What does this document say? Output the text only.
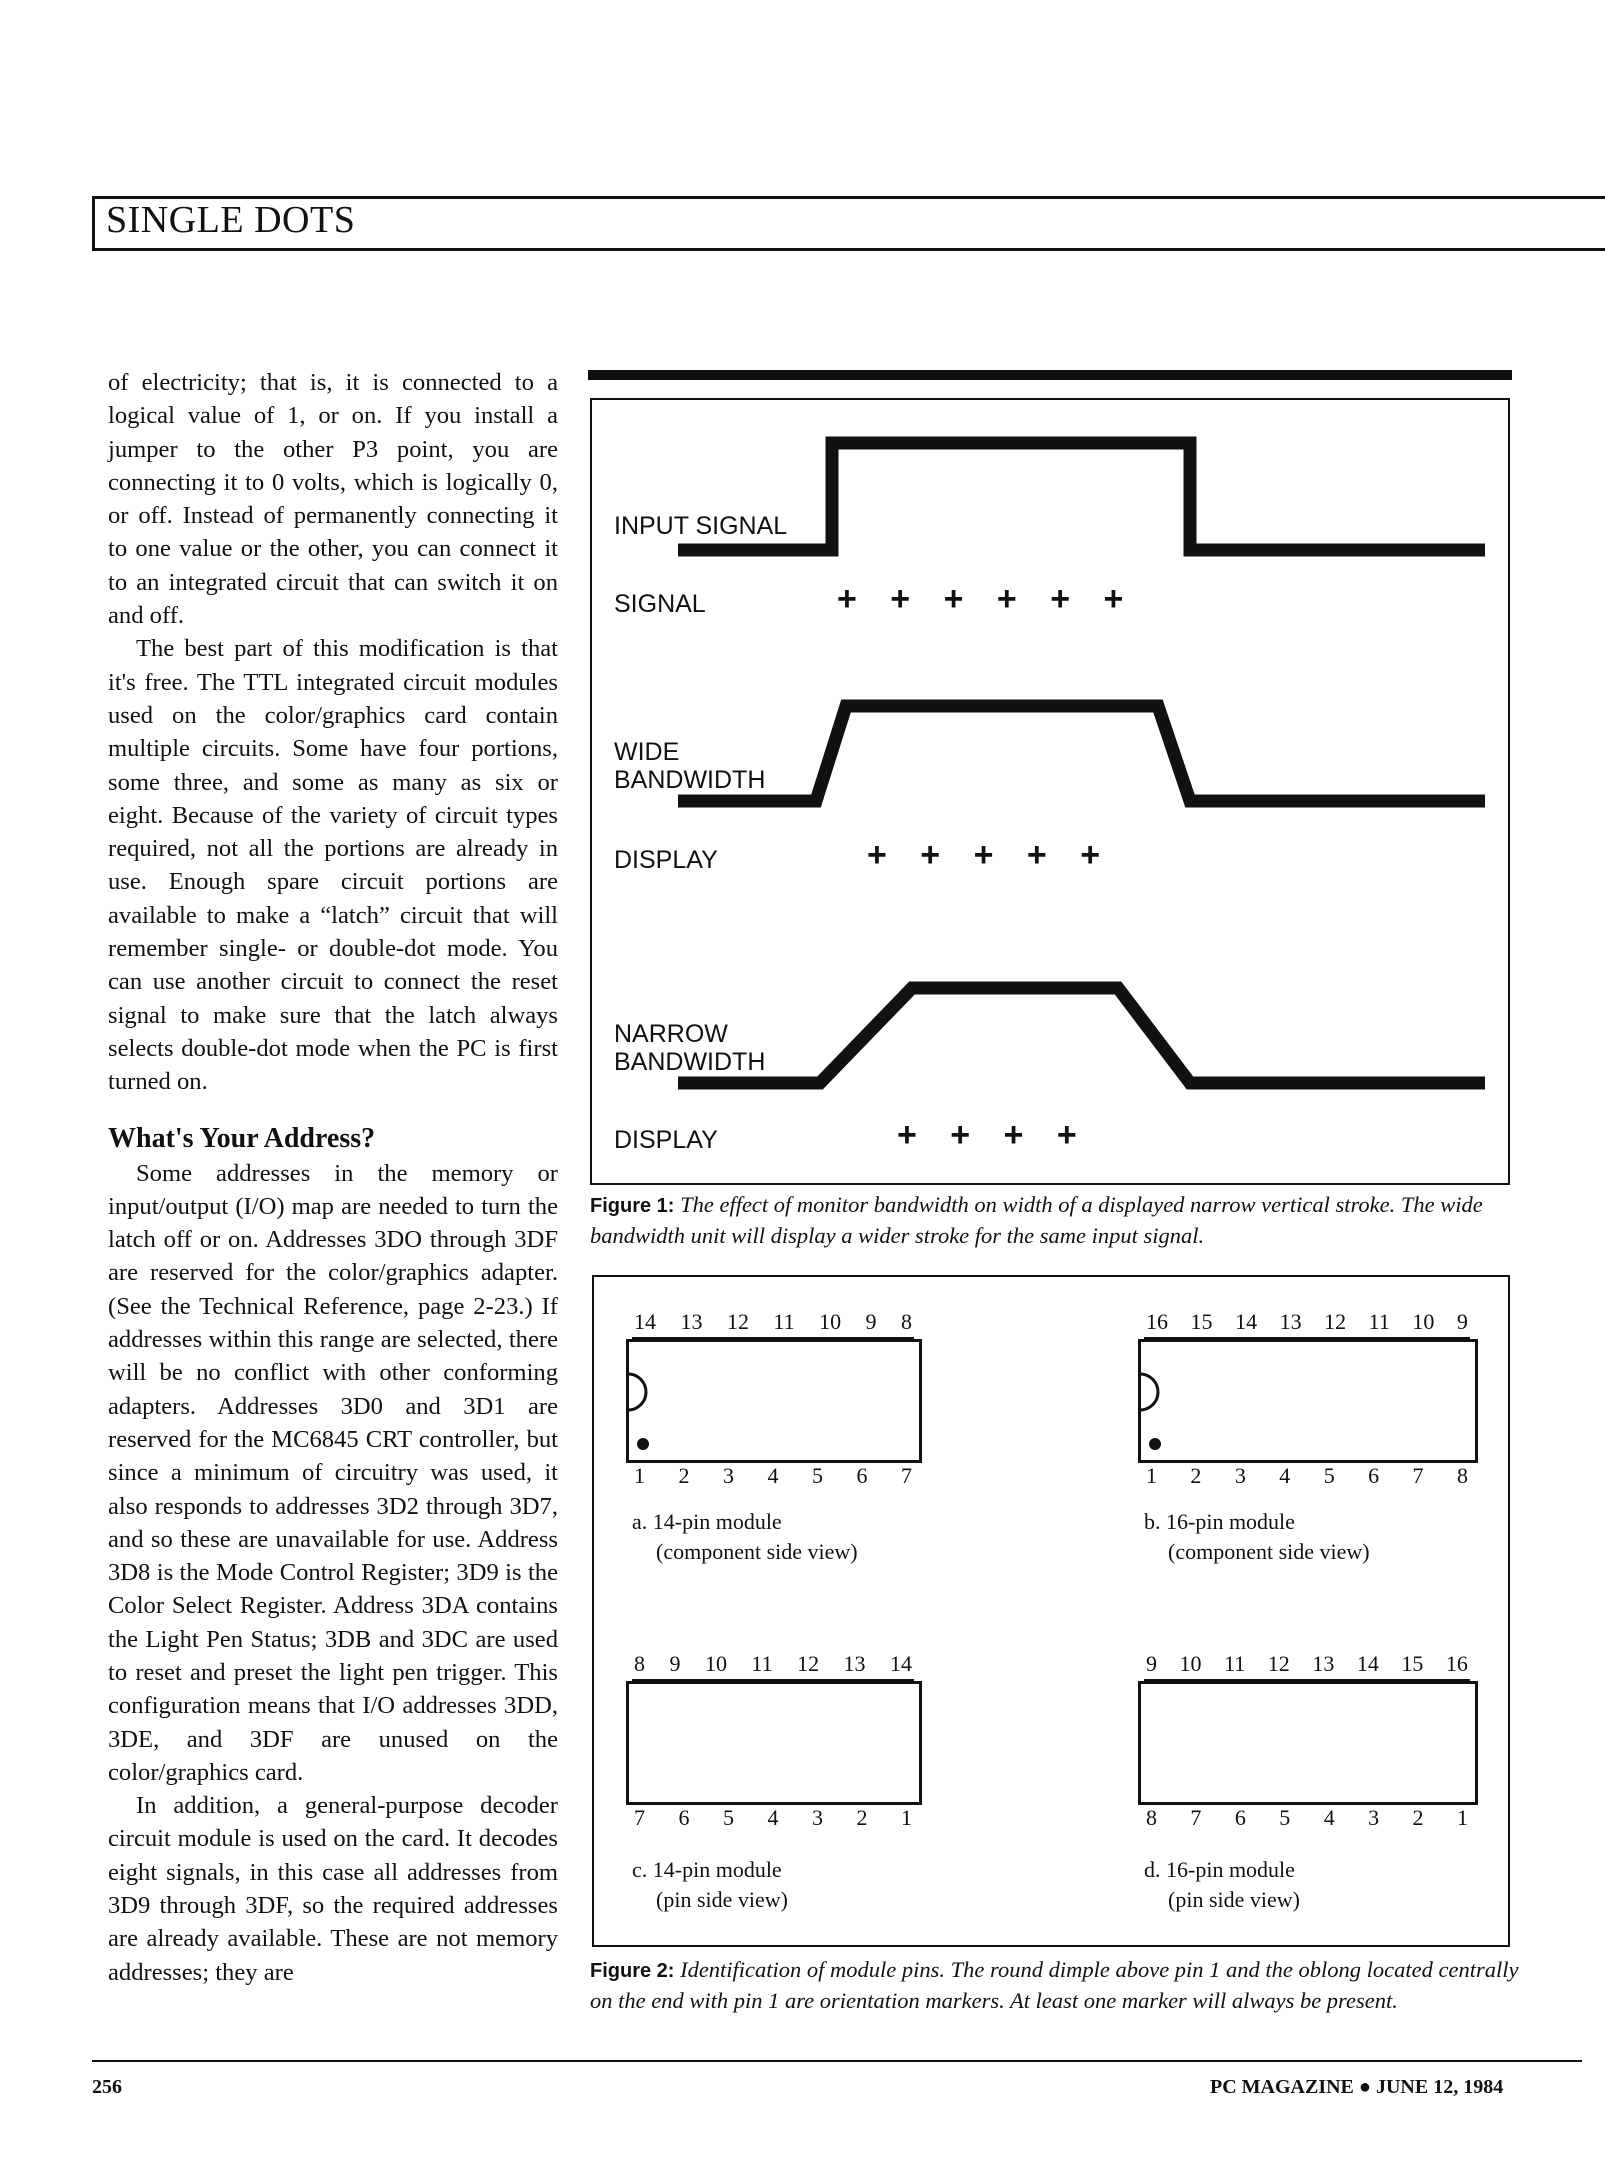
SINGLE DOTS

of electricity; that is, it is connected to a logical value of 1, or on. If you install a jumper to the other P3 point, you are connecting it to 0 volts, which is logically 0, or off. Instead of permanently connecting it to one value or the other, you can connect it to an integrated circuit that can switch it on and off.

The best part of this modification is that it's free. The TTL integrated circuit modules used on the color/graphics card contain multiple circuits. Some have four portions, some three, and some as many as six or eight. Because of the variety of circuit types required, not all the portions are already in use. Enough spare circuit portions are available to make a “latch” circuit that will remember single- or double-dot mode. You can use another circuit to connect the reset signal to make sure that the latch always selects double-dot mode when the PC is first turned on.

What's Your Address?

Some addresses in the memory or input/output (I/O) map are needed to turn the latch off or on. Addresses 3DO through 3DF are reserved for the color/graphics adapter. (See the Technical Reference, page 2-23.) If addresses within this range are selected, there will be no conflict with other conforming adapters. Addresses 3D0 and 3D1 are reserved for the MC6845 CRT controller, but since a minimum of circuitry was used, it also responds to addresses 3D2 through 3D7, and so these are unavailable for use. Address 3D8 is the Mode Control Register; 3D9 is the Color Select Register. Address 3DA contains the Light Pen Status; 3DB and 3DC are used to reset and preset the light pen trigger. This configuration means that I/O addresses 3DD, 3DE, and 3DF are unused on the color/graphics card.

In addition, a general-purpose decoder circuit module is used on the card. It decodes eight signals, in this case all addresses from 3D9 through 3DF, so the required addresses are already available. These are not memory addresses; they are

INPUT SIGNAL
SIGNAL	+ + + + + +
WIDE
BANDWIDTH
DISPLAY	+ + + + +
NARROW
BANDWIDTH
DISPLAY	+ + + +
Figure 1: The effect of monitor bandwidth on width of a displayed narrow vertical stroke. The wide bandwidth unit will display a wider stroke for the same input signal.
14 13 12 11 10 9 8
1 2 3 4 5 6 7
a. 14-pin module
(component side view)
16 15 14 13 12 11 10 9
1 2 3 4 5 6 7 8
b. 16-pin module
(component side view)
8 9 10 11 12 13 14
7 6 5 4 3 2 1
c. 14-pin module
(pin side view)
9 10 11 12 13 14 15 16
8 7 6 5 4 3 2 1
d. 16-pin module
(pin side view)
Figure 2: Identification of module pins. The round dimple above pin 1 and the oblong located centrally on the end with pin 1 are orientation markers. At least one marker will always be present.
256	PC MAGAZINE ● JUNE 12, 1984
